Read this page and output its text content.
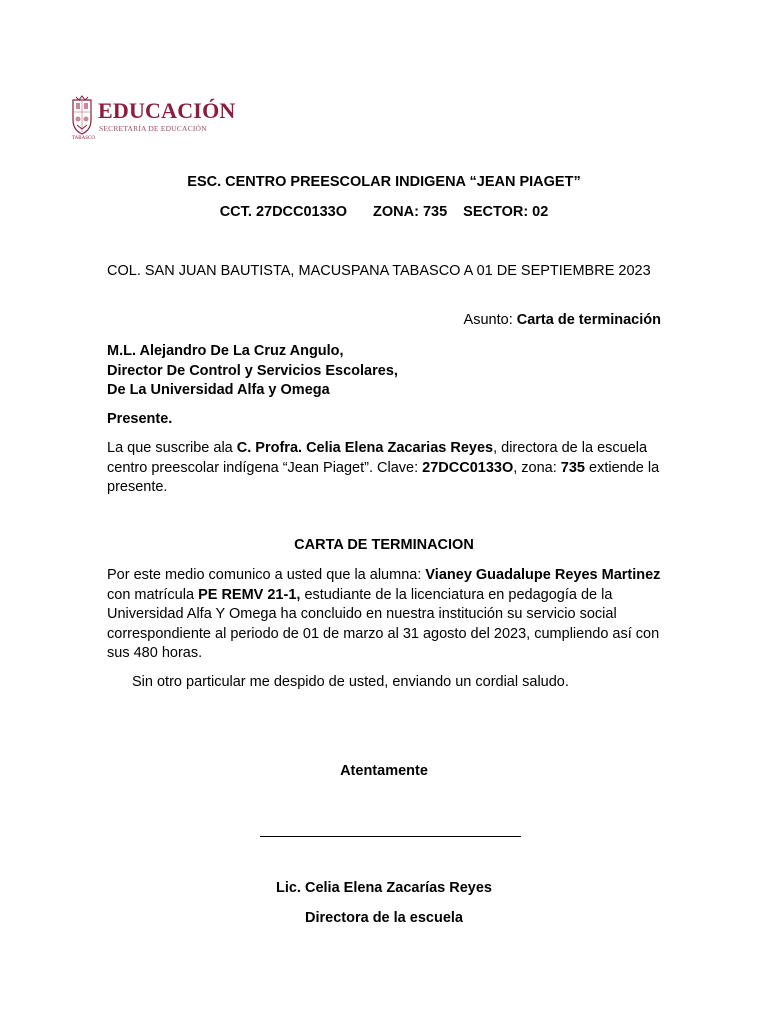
EDUCACIÓN
SECRETARÍA DE EDUCACIÓN
TABASCO
ESC. CENTRO PREESCOLAR INDIGENA “JEAN PIAGET”
CCT. 27DCC0133O ZONA: 735 SECTOR: 02
COL. SAN JUAN BAUTISTA, MACUSPANA TABASCO A 01 DE SEPTIEMBRE 2023
Asunto: Carta de terminación
M.L. Alejandro De La Cruz Angulo,
Director De Control y Servicios Escolares,
De La Universidad Alfa y Omega
Presente.
La que suscribe ala C. Profra. Celia Elena Zacarias Reyes, directora de la escuela centro preescolar indígena “Jean Piaget”. Clave: 27DCC0133O, zona: 735 extiende la presente.
CARTA DE TERMINACION
Por este medio comunico a usted que la alumna: Vianey Guadalupe Reyes Martinez con matrícula PE REMV 21-1, estudiante de la licenciatura en pedagogía de la Universidad Alfa Y Omega ha concluido en nuestra institución su servicio social correspondiente al periodo de 01 de marzo al 31 agosto del 2023, cumpliendo así con sus 480 horas.
Sin otro particular me despido de usted, enviando un cordial saludo.
Atentamente
Lic. Celia Elena Zacarías Reyes
Directora de la escuela
